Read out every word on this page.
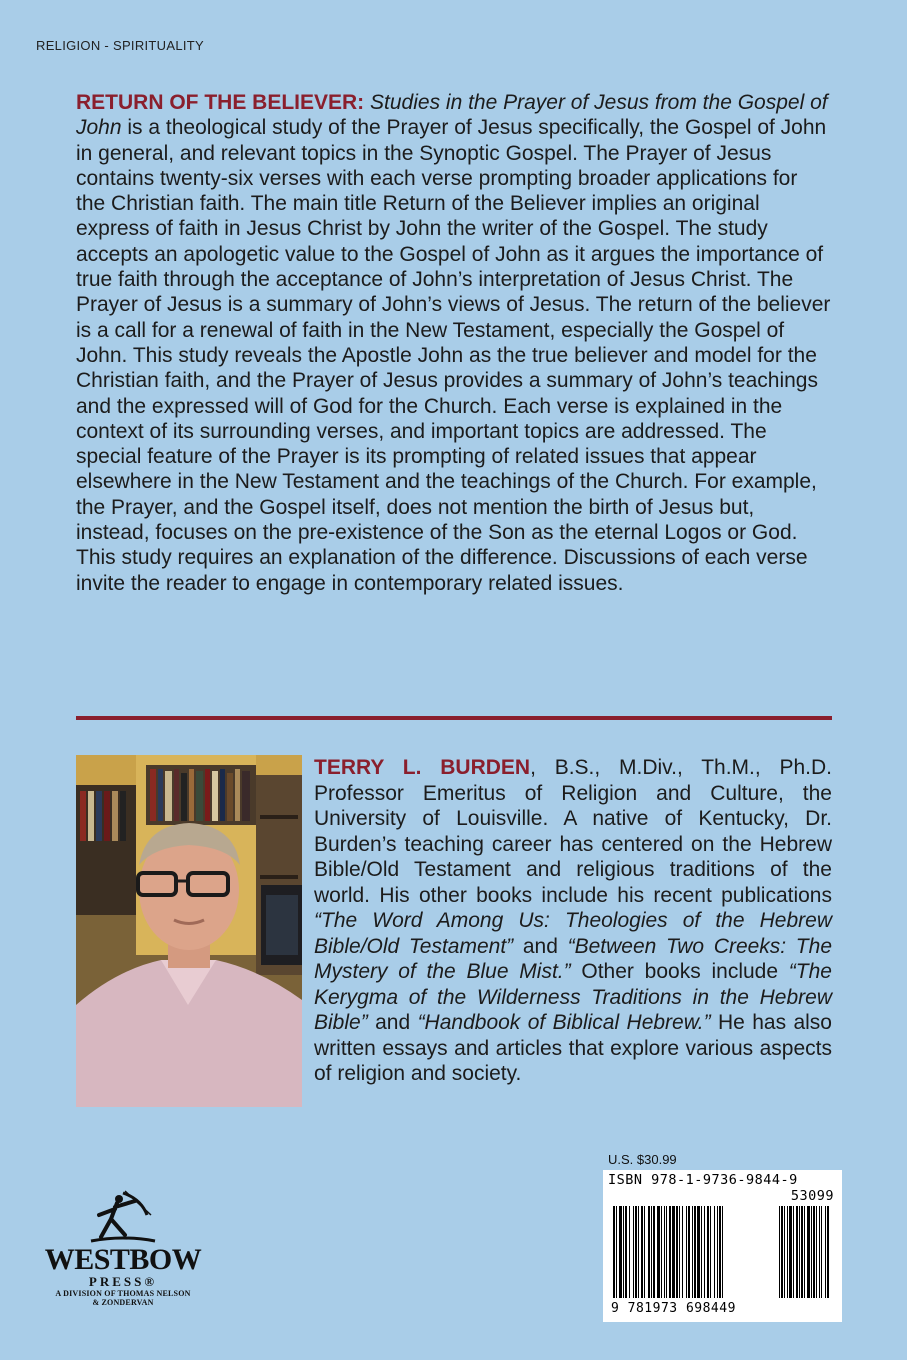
RELIGION - SPIRITUALITY

RETURN OF THE BELIEVER: Studies in the Prayer of Jesus from the Gospel of John is a theological study of the Prayer of Jesus specifically, the Gospel of John in general, and relevant topics in the Synoptic Gospel. The Prayer of Jesus contains twenty-six verses with each verse prompting broader applications for the Christian faith. The main title Return of the Believer implies an original express of faith in Jesus Christ by John the writer of the Gospel. The study accepts an apologetic value to the Gospel of John as it argues the importance of true faith through the acceptance of John’s interpretation of Jesus Christ. The Prayer of Jesus is a summary of John’s views of Jesus. The return of the believer is a call for a renewal of faith in the New Testament, especially the Gospel of John. This study reveals the Apostle John as the true believer and model for the Christian faith, and the Prayer of Jesus provides a summary of John’s teachings and the expressed will of God for the Church. Each verse is explained in the context of its surrounding verses, and important topics are addressed. The special feature of the Prayer is its prompting of related issues that appear elsewhere in the New Testament and the teachings of the Church. For example, the Prayer, and the Gospel itself, does not mention the birth of Jesus but, instead, focuses on the pre-existence of the Son as the eternal Logos or God. This study requires an explanation of the difference. Discussions of each verse invite the reader to engage in contemporary related issues.

TERRY L. BURDEN, B.S., M.Div., Th.M., Ph.D. Professor Emeritus of Religion and Culture, the University of Louisville. A native of Kentucky, Dr. Burden’s teaching career has centered on the Hebrew Bible/Old Testament and religious traditions of the world. His other books include his recent publications “The Word Among Us: Theologies of the Hebrew Bible/Old Testament” and “Between Two Creeks: The Mystery of the Blue Mist.” Other books include “The Kerygma of the Wilderness Traditions in the Hebrew Bible” and “Handbook of Biblical Hebrew.” He has also written essays and articles that explore various aspects of religion and society.

WESTBOW
PRESS®
A DIVISION OF THOMAS NELSON
& ZONDERVAN
U.S. $30.99
ISBN 978-1-9736-9844-9
53099
9 781973 698449
